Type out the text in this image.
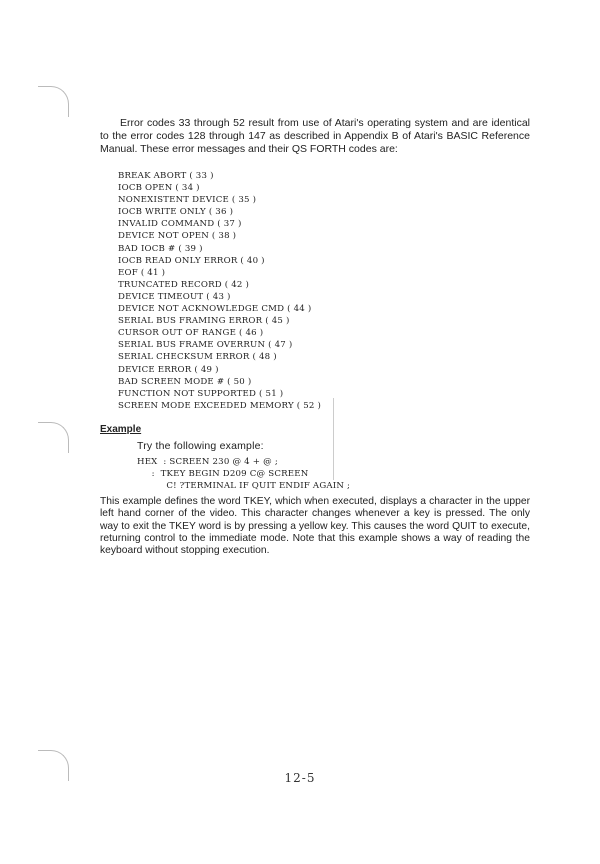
Error codes 33 through 52 result from use of Atari's operating system and are identical to the error codes 128 through 147 as described in Appendix B of Atari's BASIC Reference Manual. These error messages and their QS FORTH codes are:

BREAK ABORT ( 33 )
IOCB OPEN ( 34 )
NONEXISTENT DEVICE ( 35 )
IOCB WRITE ONLY ( 36 )
INVALID COMMAND ( 37 )
DEVICE NOT OPEN ( 38 )
BAD IOCB # ( 39 )
IOCB READ ONLY ERROR ( 40 )
EOF ( 41 )
TRUNCATED RECORD ( 42 )
DEVICE TIMEOUT ( 43 )
DEVICE NOT ACKNOWLEDGE CMD ( 44 )
SERIAL BUS FRAMING ERROR ( 45 )
CURSOR OUT OF RANGE ( 46 )
SERIAL BUS FRAME OVERRUN ( 47 )
SERIAL CHECKSUM ERROR ( 48 )
DEVICE ERROR ( 49 )
BAD SCREEN MODE # ( 50 )
FUNCTION NOT SUPPORTED ( 51 )
SCREEN MODE EXCEEDED MEMORY ( 52 )
Example

Try the following example:

HEX  : SCREEN 230 @ 4 + @ ;
:  TKEY BEGIN D209 C@ SCREEN
C! ?TERMINAL IF QUIT ENDIF AGAIN ;

This example defines the word TKEY, which when executed, displays a character in the upper left hand corner of the video. This character changes whenever a key is pressed. The only way to exit the TKEY word is by pressing a yellow key. This causes the word QUIT to execute, returning control to the immediate mode. Note that this example shows a way of reading the keyboard without stopping execution.

12-5
